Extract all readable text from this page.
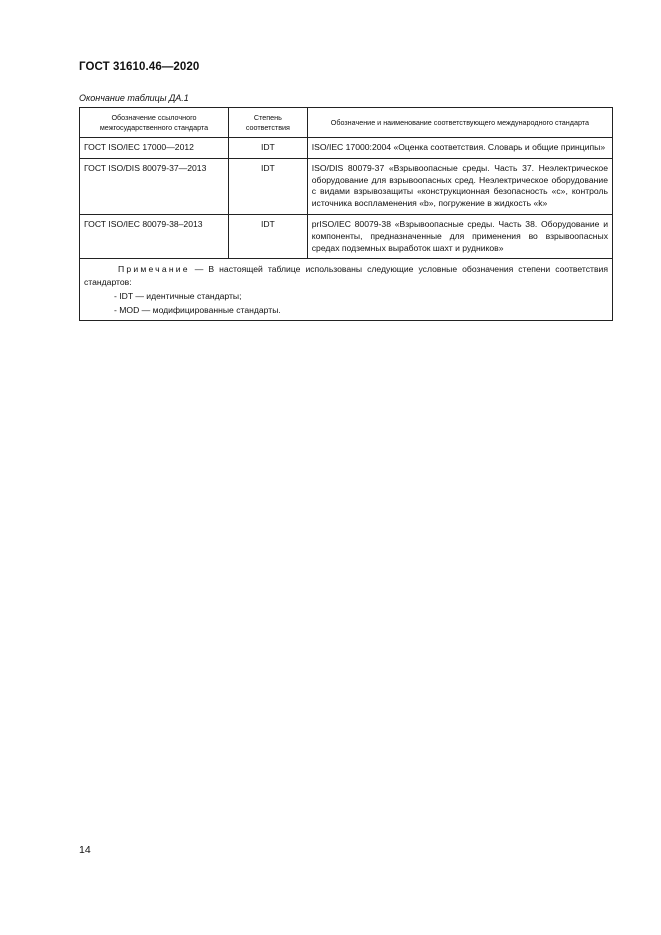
ГОСТ 31610.46—2020
Окончание таблицы ДА.1
Обозначение ссылочного межгосударственного стандарта	Степень соответствия	Обозначение и наименование соответствующего международного стандарта
ГОСТ ISO/IEC 17000—2012	IDT	ISO/IEC 17000:2004 «Оценка соответствия. Словарь и общие принципы»
ГОСТ ISO/DIS 80079-37—2013	IDT	ISO/DIS 80079-37 «Взрывоопасные среды. Часть 37. Неэлектрическое оборудование для взрывоопасных сред. Неэлектрическое оборудование с видами взрывозащиты «конструкционная безопасность «c», контроль источника воспламенения «b», погружение в жидкость «k»
ГОСТ ISO/IEC 80079-38–2013	IDT	prISO/IEC 80079-38 «Взрывоопасные среды. Часть 38. Оборудование и компоненты, предназначенные для применения во взрывоопасных средах подземных выработок шахт и рудников»

Примечание — В настоящей таблице использованы следующие условные обозначения степени соответствия стандартов:

- IDT — идентичные стандарты;
- MOD — модифицированные стандарты.		
14
